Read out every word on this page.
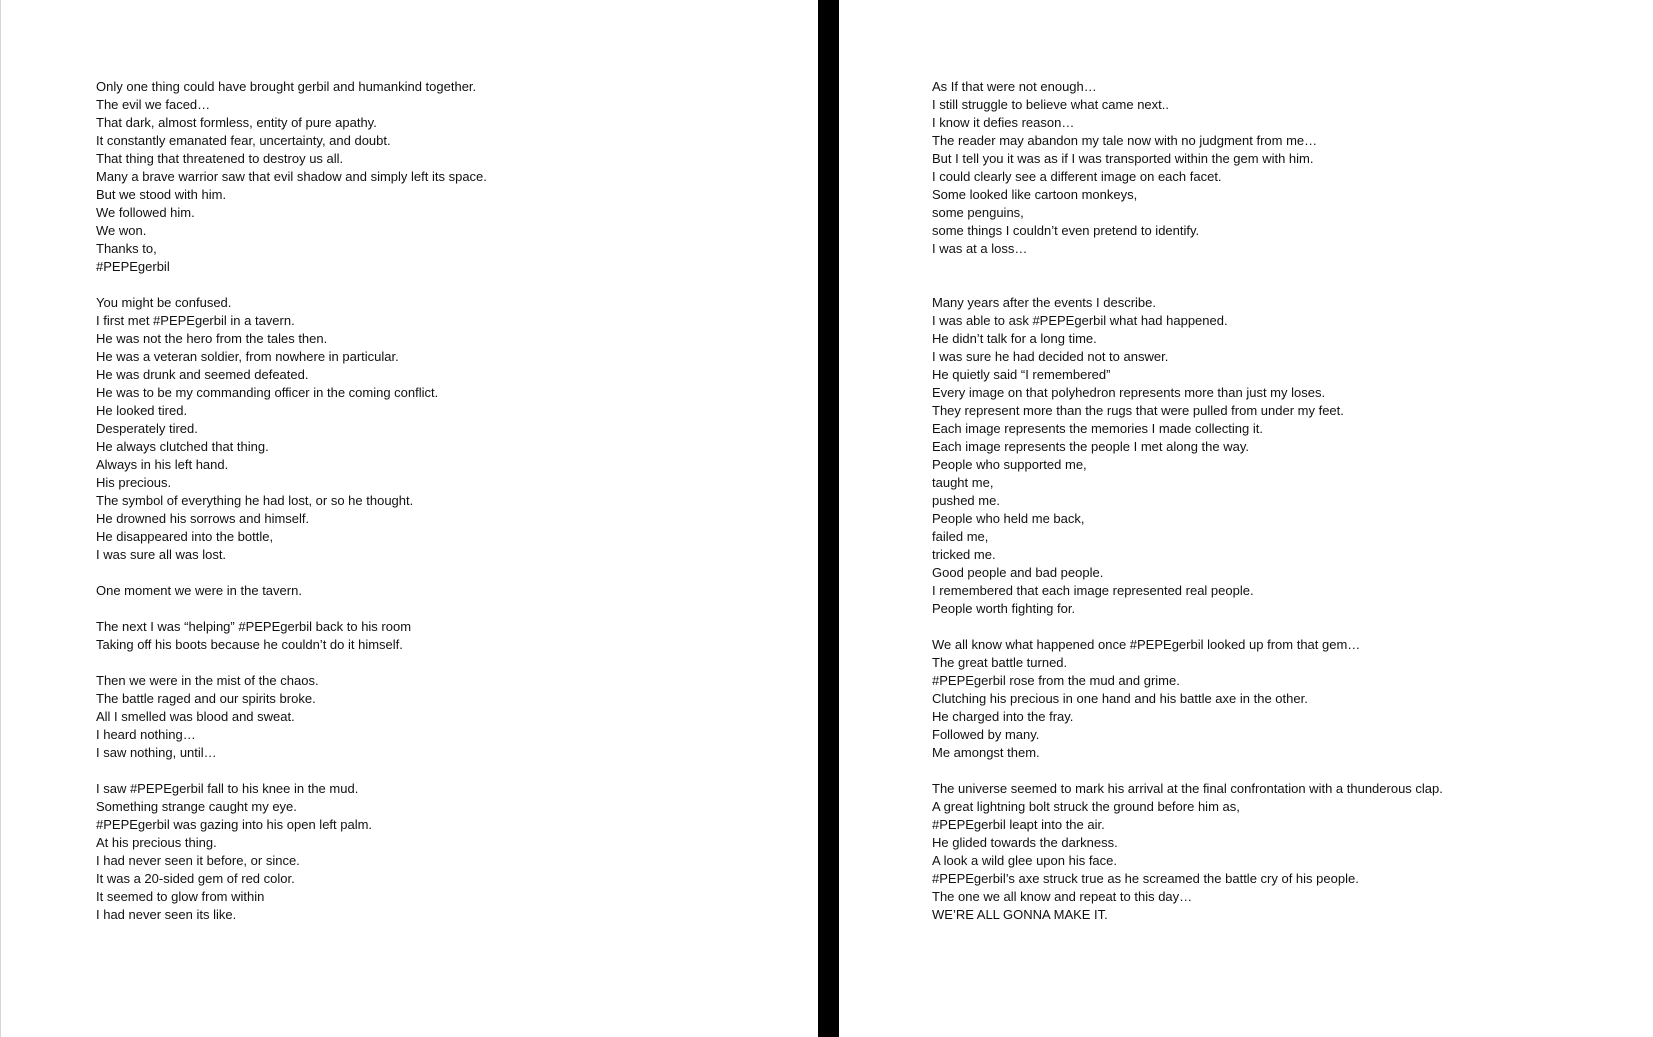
Only one thing could have brought gerbil and humankind together.
The evil we faced…
That dark, almost formless, entity of pure apathy.
It constantly emanated fear, uncertainty, and doubt.
That thing that threatened to destroy us all.
Many a brave warrior saw that evil shadow and simply left its space.
But we stood with him.
We followed him.
We won.
Thanks to,
#PEPEgerbil
You might be confused.
I first met #PEPEgerbil in a tavern.
He was not the hero from the tales then.
He was a veteran soldier, from nowhere in particular.
He was drunk and seemed defeated.
He was to be my commanding officer in the coming conflict.
He looked tired.
Desperately tired.
He always clutched that thing.
Always in his left hand.
His precious.
The symbol of everything he had lost, or so he thought.
He drowned his sorrows and himself.
He disappeared into the bottle,
I was sure all was lost.
One moment we were in the tavern.
The next I was “helping” #PEPEgerbil back to his room
Taking off his boots because he couldn’t do it himself.
Then we were in the mist of the chaos.
The battle raged and our spirits broke.
All I smelled was blood and sweat.
I heard nothing…
I saw nothing, until…
I saw #PEPEgerbil fall to his knee in the mud.
Something strange caught my eye.
#PEPEgerbil was gazing into his open left palm.
At his precious thing.
I had never seen it before, or since.
It was a 20-sided gem of red color.
It seemed to glow from within
I had never seen its like.
As If that were not enough…
I still struggle to believe what came next..
I know it defies reason…
The reader may abandon my tale now with no judgment from me…
But I tell you it was as if I was transported within the gem with him.
I could clearly see a different image on each facet.
Some looked like cartoon monkeys,
some penguins,
some things I couldn’t even pretend to identify.
I was at a loss…
Many years after the events I describe.
I was able to ask #PEPEgerbil what had happened.
He didn’t talk for a long time.
I was sure he had decided not to answer.
He quietly said “I remembered”
Every image on that polyhedron represents more than just my loses.
They represent more than the rugs that were pulled from under my feet.
Each image represents the memories I made collecting it.
Each image represents the people I met along the way.
People who supported me,
taught me,
pushed me.
People who held me back,
failed me,
tricked me.
Good people and bad people.
I remembered that each image represented real people.
People worth fighting for.
We all know what happened once #PEPEgerbil looked up from that gem…
The great battle turned.
#PEPEgerbil rose from the mud and grime.
Clutching his precious in one hand and his battle axe in the other.
He charged into the fray.
Followed by many.
Me amongst them.
The universe seemed to mark his arrival at the final confrontation with a thunderous clap.
A great lightning bolt struck the ground before him as,
#PEPEgerbil leapt into the air.
He glided towards the darkness.
A look a wild glee upon his face.
#PEPEgerbil’s axe struck true as he screamed the battle cry of his people.
The one we all know and repeat to this day…
WE’RE ALL GONNA MAKE IT.
